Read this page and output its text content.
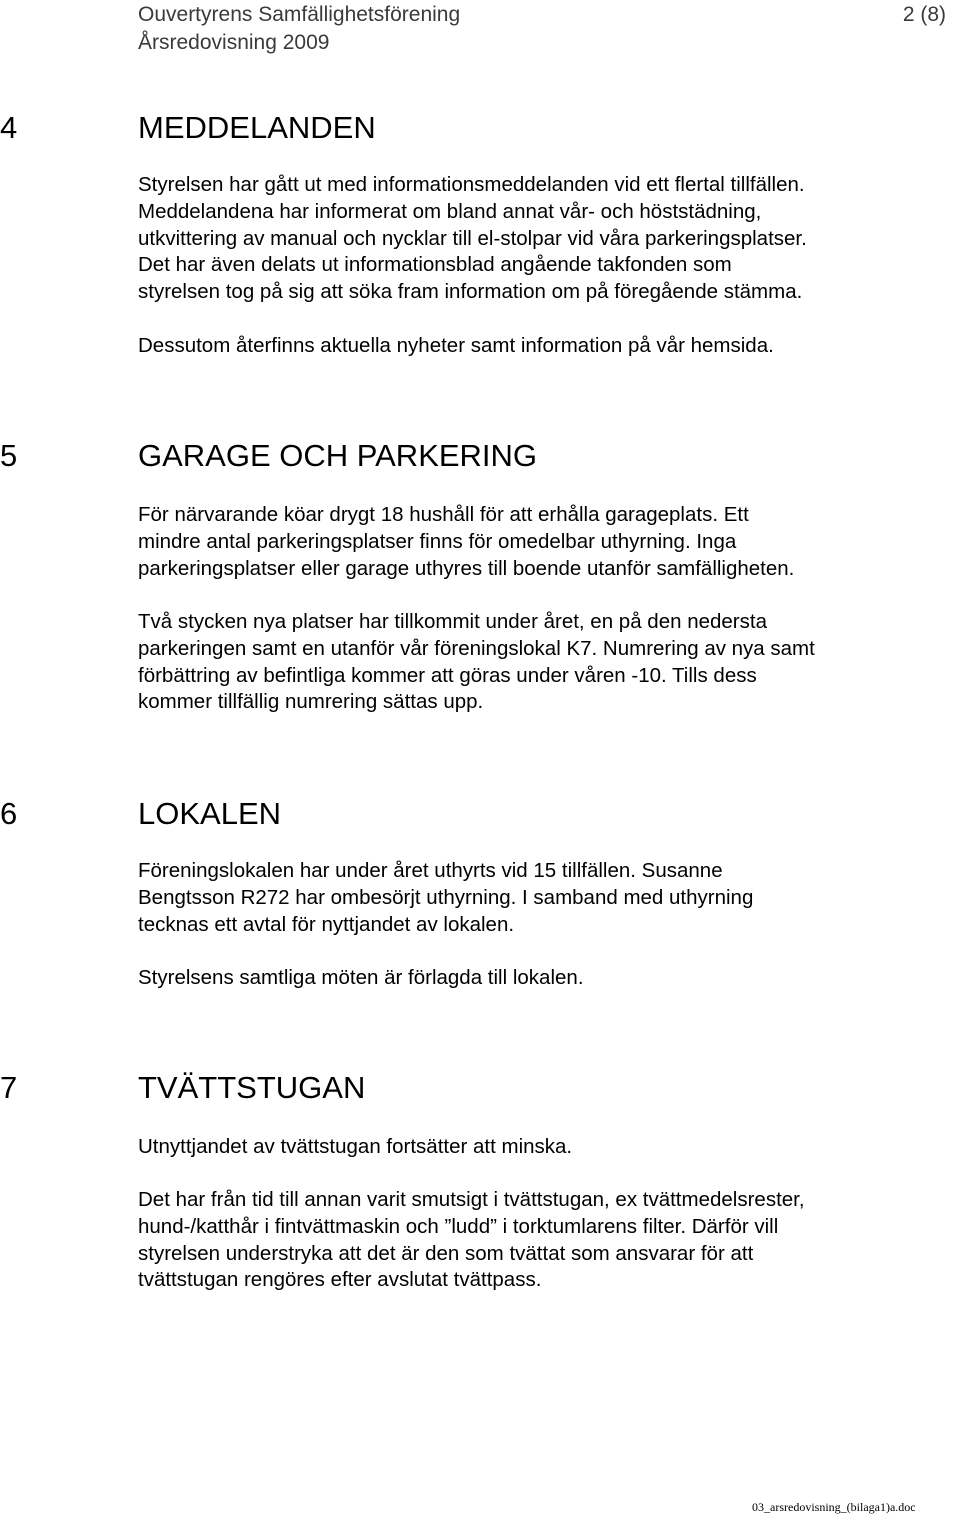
Ouvertyrens Samfällighetsförening
Årsredovisning 2009
2 (8)
4	MEDDELANDEN

Styrelsen har gått ut med informationsmeddelanden vid ett flertal tillfällen.
Meddelandena har informerat om bland annat vår- och höststädning,
utkvittering av manual och nycklar till el-stolpar vid våra parkeringsplatser.
Det har även delats ut informationsblad angående takfonden som
styrelsen tog på sig att söka fram information om på föregående stämma.

Dessutom återfinns aktuella nyheter samt information på vår hemsida.

5	GARAGE OCH PARKERING

För närvarande köar drygt 18 hushåll för att erhålla garageplats. Ett
mindre antal parkeringsplatser finns för omedelbar uthyrning. Inga
parkeringsplatser eller garage uthyres till boende utanför samfälligheten.

Två stycken nya platser har tillkommit under året, en på den nedersta
parkeringen samt en utanför vår föreningslokal K7. Numrering av nya samt
förbättring av befintliga kommer att göras under våren -10. Tills dess
kommer tillfällig numrering sättas upp.

6	LOKALEN

Föreningslokalen har under året uthyrts vid 15 tillfällen. Susanne
Bengtsson R272 har ombesörjt uthyrning. I samband med uthyrning
tecknas ett avtal för nyttjandet av lokalen.

Styrelsens samtliga möten är förlagda till lokalen.

7	TVÄTTSTUGAN

Utnyttjandet av tvättstugan fortsätter att minska.

Det har från tid till annan varit smutsigt i tvättstugan, ex tvättmedelsrester,
hund-/katthår i fintvättmaskin och ”ludd” i torktumlarens filter. Därför vill
styrelsen understryka att det är den som tvättat som ansvarar för att
tvättstugan rengöres efter avslutat tvättpass.

03_arsredovisning_(bilaga1)a.doc
